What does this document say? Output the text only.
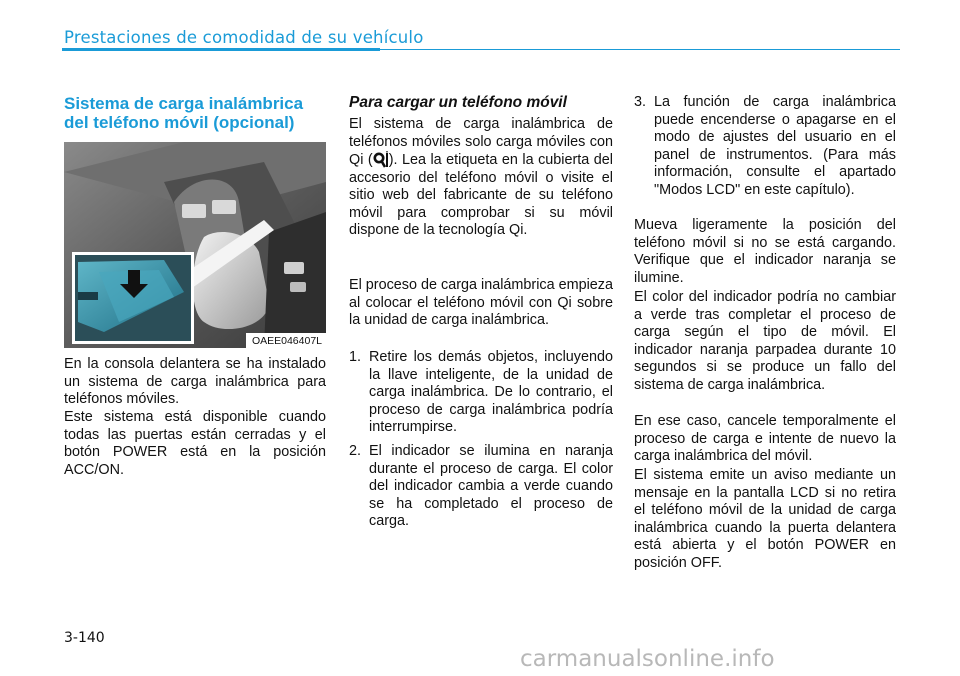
Prestaciones de comodidad de su vehículo
Sistema de carga inalámbrica del teléfono móvil (opcional)
OAEE046407L

En la consola delantera se ha instalado un sistema de carga inalámbrica para teléfonos móviles.

Este sistema está disponible cuando todas las puertas están cerradas y el botón POWER está en la posición ACC/ON.

Para cargar un teléfono móvil

El sistema de carga inalámbrica de teléfonos móviles solo carga móviles con Qi ( ). Lea la etiqueta en la cubierta del accesorio del teléfono móvil o visite el sitio web del fabricante de su teléfono móvil para comprobar si su móvil dispone de la tecnología Qi.

El proceso de carga inalámbrica empieza al colocar el teléfono móvil con Qi sobre la unidad de carga inalámbrica.

1. Retire los demás objetos, incluyendo la llave inteligente, de la unidad de carga inalámbrica. De lo contrario, el proceso de carga inalámbrica podría interrumpirse.
2. El indicador se ilumina en naranja durante el proceso de carga. El color del indicador cambia a verde cuando se ha completado el proceso de carga.
3. La función de carga inalámbrica puede encenderse o apagarse en el modo de ajustes del usuario en el panel de instrumentos. (Para más información, consulte el apartado "Modos LCD" en este capítulo).

Mueva ligeramente la posición del teléfono móvil si no se está cargando. Verifique que el indicador naranja se ilumine.

El color del indicador podría no cambiar a verde tras completar el proceso de carga según el tipo de móvil. El indicador naranja parpadea durante 10 segundos si se produce un fallo del sistema de carga inalámbrica.

En ese caso, cancele temporalmente el proceso de carga e intente de nuevo la carga inalámbrica del móvil.

El sistema emite un aviso mediante un mensaje en la pantalla LCD si no retira el teléfono móvil de la unidad de carga inalámbrica cuando la puerta delantera está abierta y el botón POWER en posición OFF.

3-140
carmanualsonline.info
